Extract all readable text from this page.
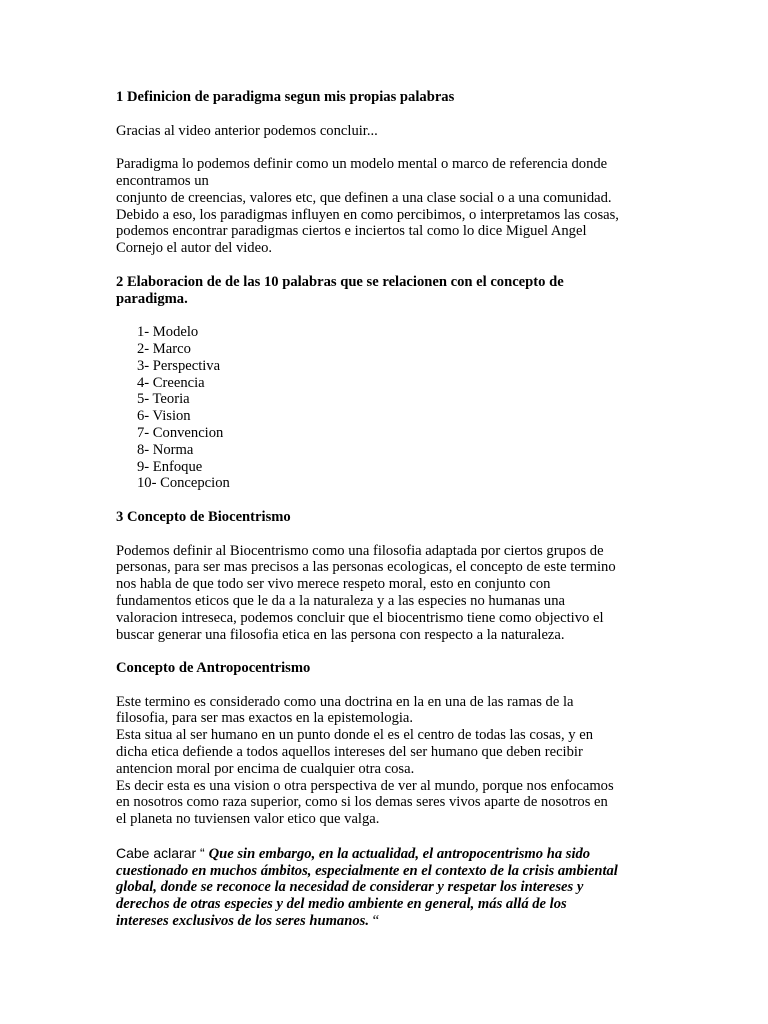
1 Definicion de paradigma segun mis propias palabras

Gracias al video anterior podemos concluir...

Paradigma lo podemos definir como un modelo mental o marco de referencia donde

encontramos un

conjunto de creencias, valores etc, que definen a una clase social o a una comunidad.

Debido a eso, los paradigmas influyen en como percibimos, o interpretamos las cosas,

podemos encontrar paradigmas ciertos e inciertos tal como lo dice Miguel Angel

Cornejo el autor del video.

2 Elaboracion de de las 10 palabras que se relacionen con el concepto de

paradigma.

1- Modelo
2- Marco
3- Perspectiva
4- Creencia
5- Teoria
6- Vision
7- Convencion
8- Norma
9- Enfoque
10- Concepcion

3 Concepto de Biocentrismo

Podemos definir al Biocentrismo como una filosofia adaptada por ciertos grupos de

personas, para ser mas precisos a las personas ecologicas, el concepto de este termino

nos habla de que todo ser vivo merece respeto moral, esto en conjunto con

fundamentos eticos que le da a la naturaleza y a las especies no humanas una

valoracion intreseca, podemos concluir que el biocentrismo tiene como objectivo el

buscar generar una filosofia etica en las persona con respecto a la naturaleza.

Concepto de Antropocentrismo

Este termino es considerado como una doctrina en la en una de las ramas de la

filosofia, para ser mas exactos en la epistemologia.

Esta situa al ser humano en un punto donde el es el centro de todas las cosas, y en

dicha etica defiende a todos aquellos intereses del ser humano que deben recibir

antencion moral por encima de cualquier otra cosa.

Es decir esta es una vision o otra perspectiva de ver al mundo, porque nos enfocamos

en nosotros como raza superior, como si los demas seres vivos aparte de nosotros en

el planeta no tuviensen valor etico que valga.

Cabe aclarar “ Que sin embargo, en la actualidad, el antropocentrismo ha sido

cuestionado en muchos ámbitos, especialmente en el contexto de la crisis ambiental

global, donde se reconoce la necesidad de considerar y respetar los intereses y

derechos de otras especies y del medio ambiente en general, más allá de los

intereses exclusivos de los seres humanos. “
